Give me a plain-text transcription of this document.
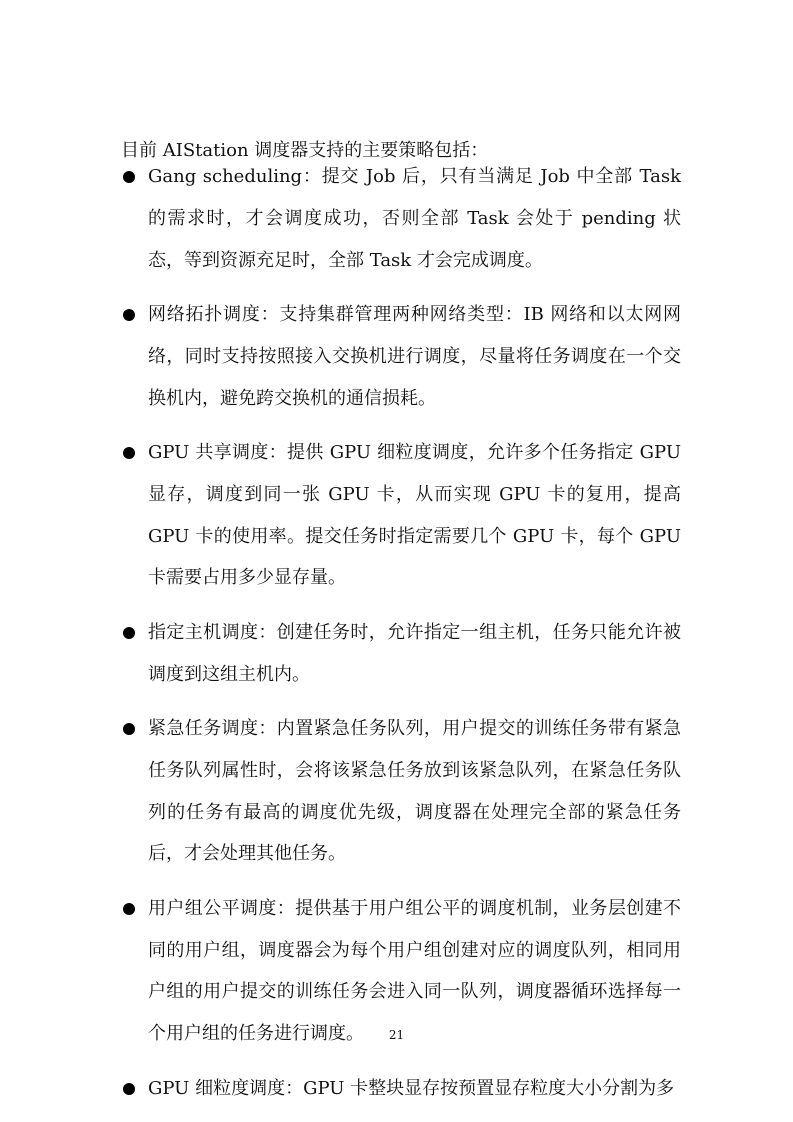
目前 AIStation 调度器支持的主要策略包括：

Gang scheduling：提交 Job 后，只有当满足 Job 中全部 Task 的需求时，才会调度成功，否则全部 Task 会处于 pending 状态，等到资源充足时，全部 Task 才会完成调度。
网络拓扑调度：支持集群管理两种网络类型：IB 网络和以太网网络，同时支持按照接入交换机进行调度，尽量将任务调度在一个交换机内，避免跨交换机的通信损耗。
GPU 共享调度：提供 GPU 细粒度调度，允许多个任务指定 GPU 显存，调度到同一张 GPU 卡，从而实现 GPU 卡的复用，提高 GPU 卡的使用率。提交任务时指定需要几个 GPU 卡，每个 GPU 卡需要占用多少显存量。
指定主机调度：创建任务时，允许指定一组主机，任务只能允许被调度到这组主机内。
紧急任务调度：内置紧急任务队列，用户提交的训练任务带有紧急任务队列属性时，会将该紧急任务放到该紧急队列，在紧急任务队列的任务有最高的调度优先级，调度器在处理完全部的紧急任务后，才会处理其他任务。
用户组公平调度：提供基于用户组公平的调度机制，业务层创建不同的用户组，调度器会为每个用户组创建对应的调度队列，相同用户组的用户提交的训练任务会进入同一队列，调度器循环选择每一个用户组的任务进行调度。
GPU 细粒度调度：GPU 卡整块显存按预置显存粒度大小分割为多
21
